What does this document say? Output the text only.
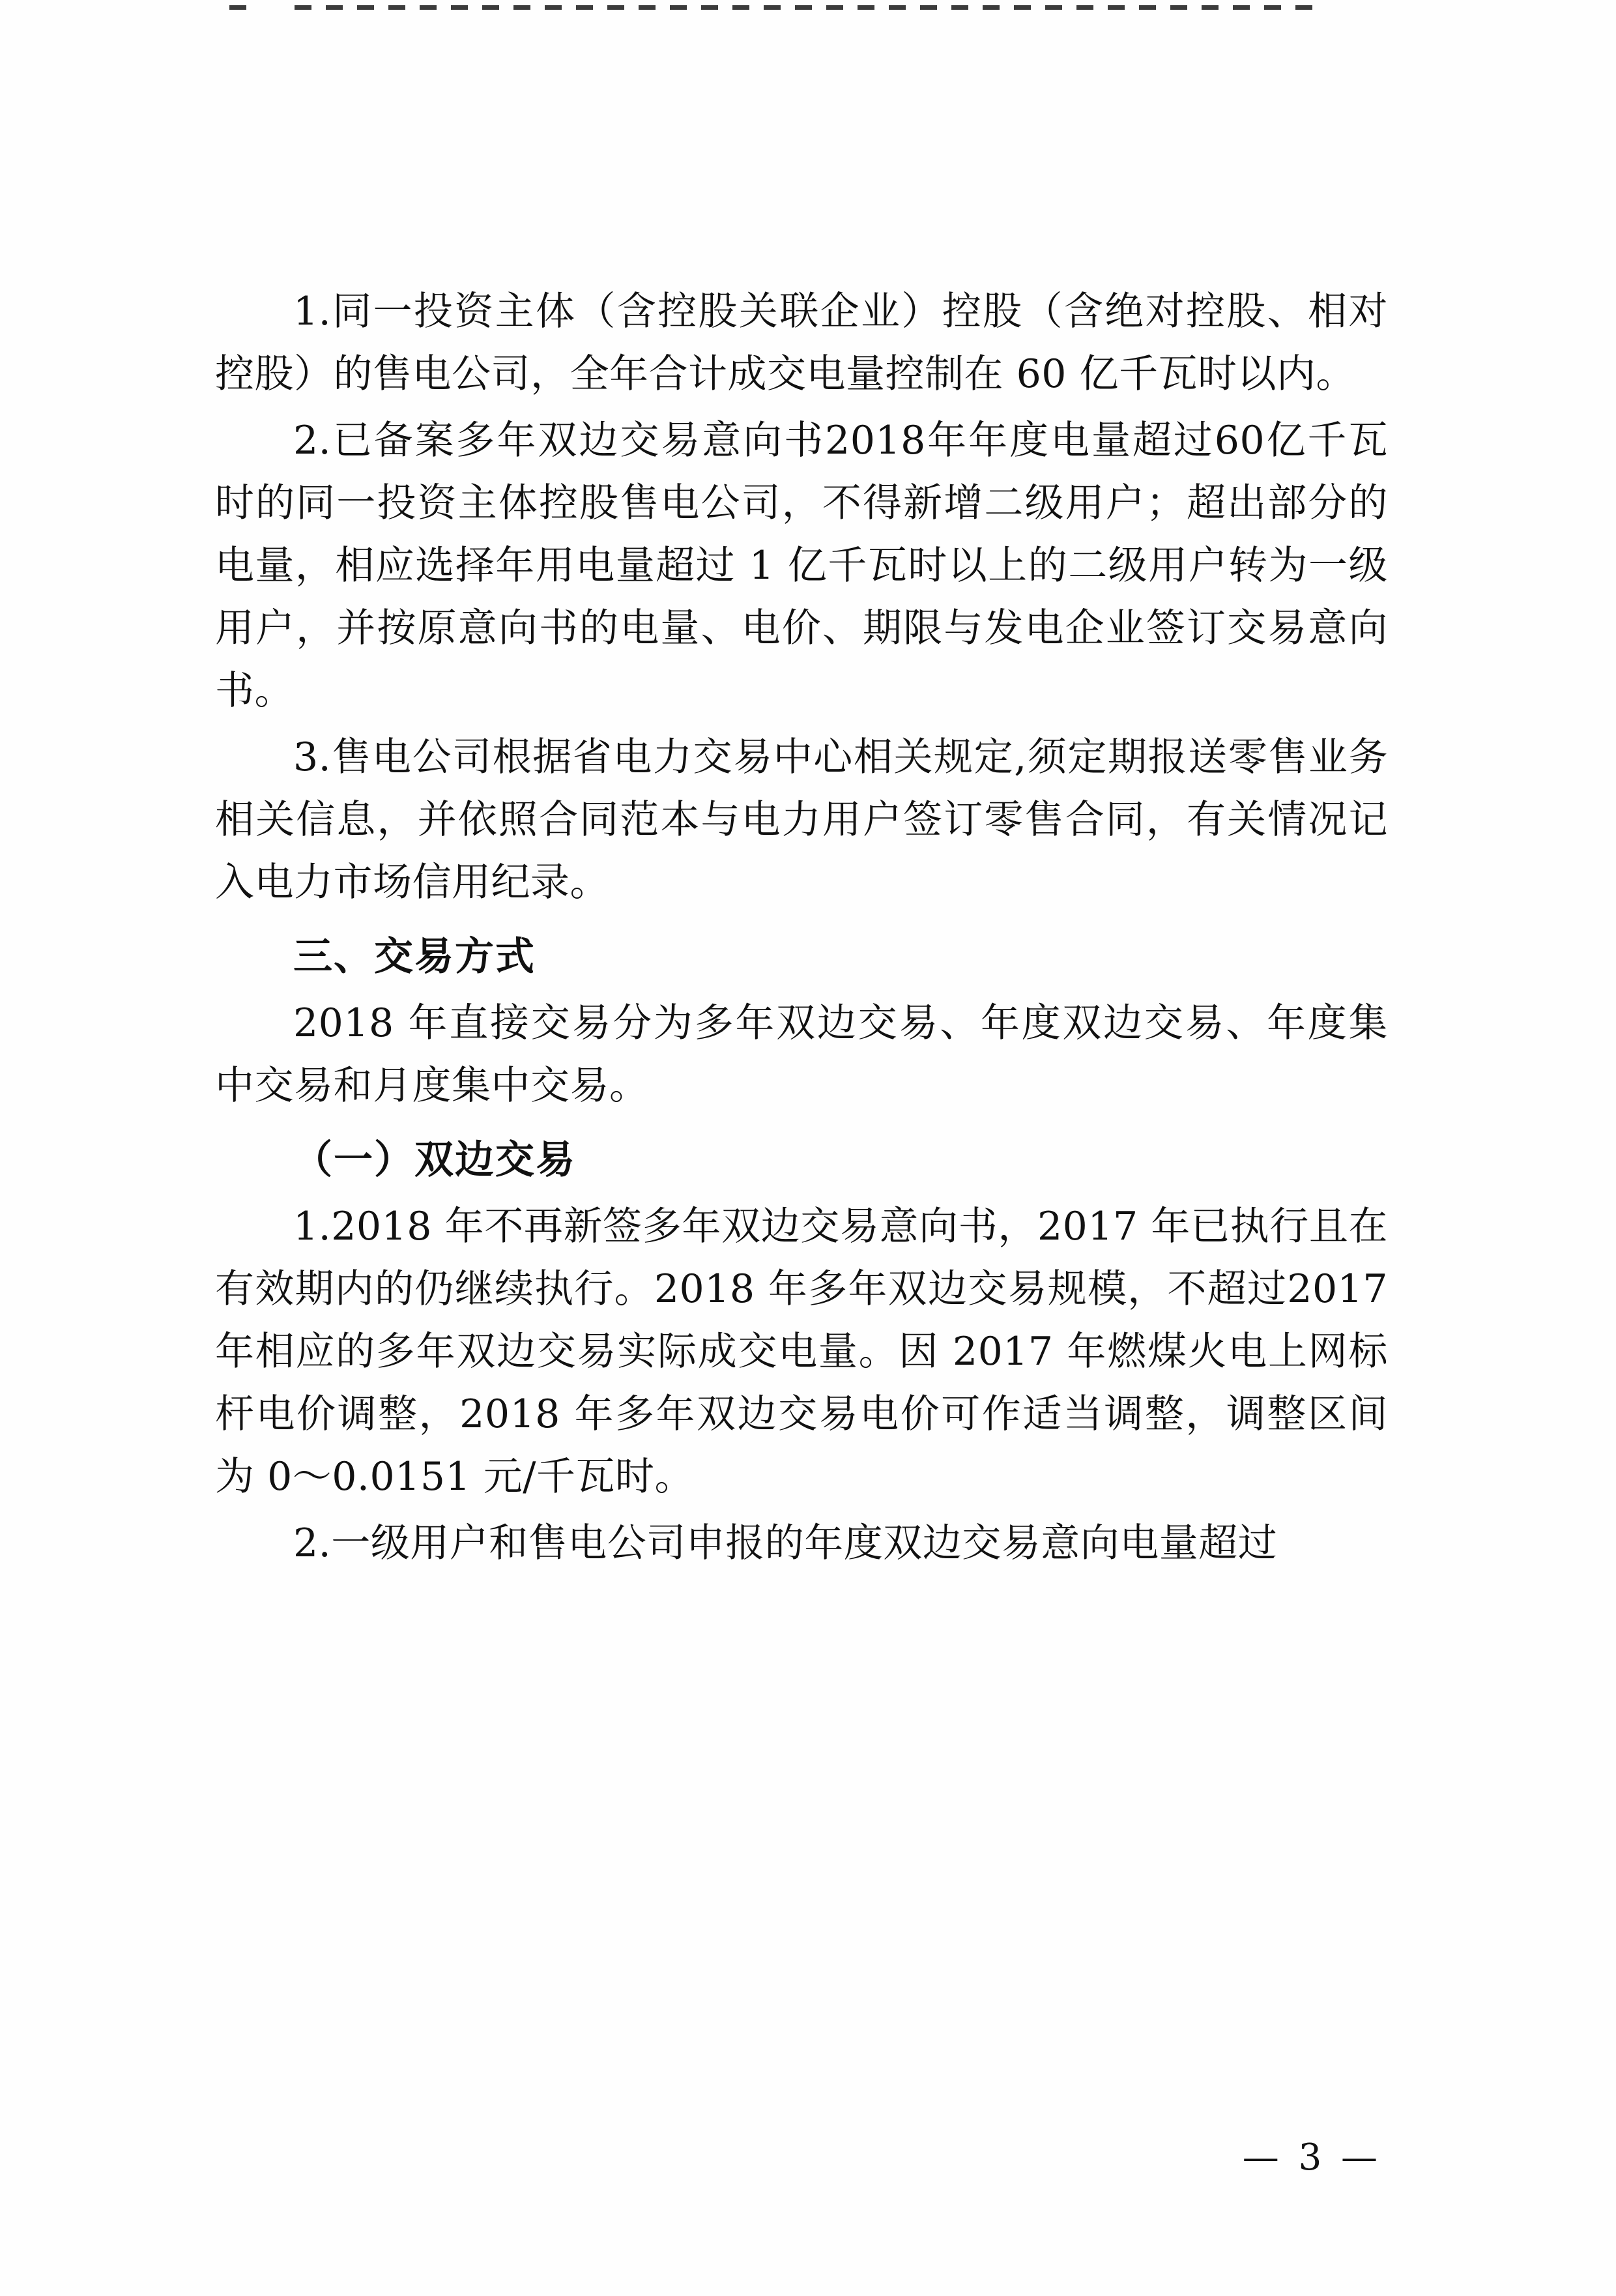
1.同一投资主体（含控股关联企业）控股（含绝对控股、相对控股）的售电公司，全年合计成交电量控制在 60 亿千瓦时以内。

2.已备案多年双边交易意向书2018年年度电量超过60亿千瓦时的同一投资主体控股售电公司，不得新增二级用户；超出部分的电量，相应选择年用电量超过 1 亿千瓦时以上的二级用户转为一级用户，并按原意向书的电量、电价、期限与发电企业签订交易意向书。

3.售电公司根据省电力交易中心相关规定,须定期报送零售业务相关信息，并依照合同范本与电力用户签订零售合同，有关情况记入电力市场信用纪录。

三、交易方式

2018 年直接交易分为多年双边交易、年度双边交易、年度集中交易和月度集中交易。

（一）双边交易

1.2018 年不再新签多年双边交易意向书，2017 年已执行且在有效期内的仍继续执行。2018 年多年双边交易规模，不超过2017 年相应的多年双边交易实际成交电量。因 2017 年燃煤火电上网标杆电价调整，2018 年多年双边交易电价可作适当调整，调整区间为 0～0.0151 元/千瓦时。

2.一级用户和售电公司申报的年度双边交易意向电量超过

— 3 —
